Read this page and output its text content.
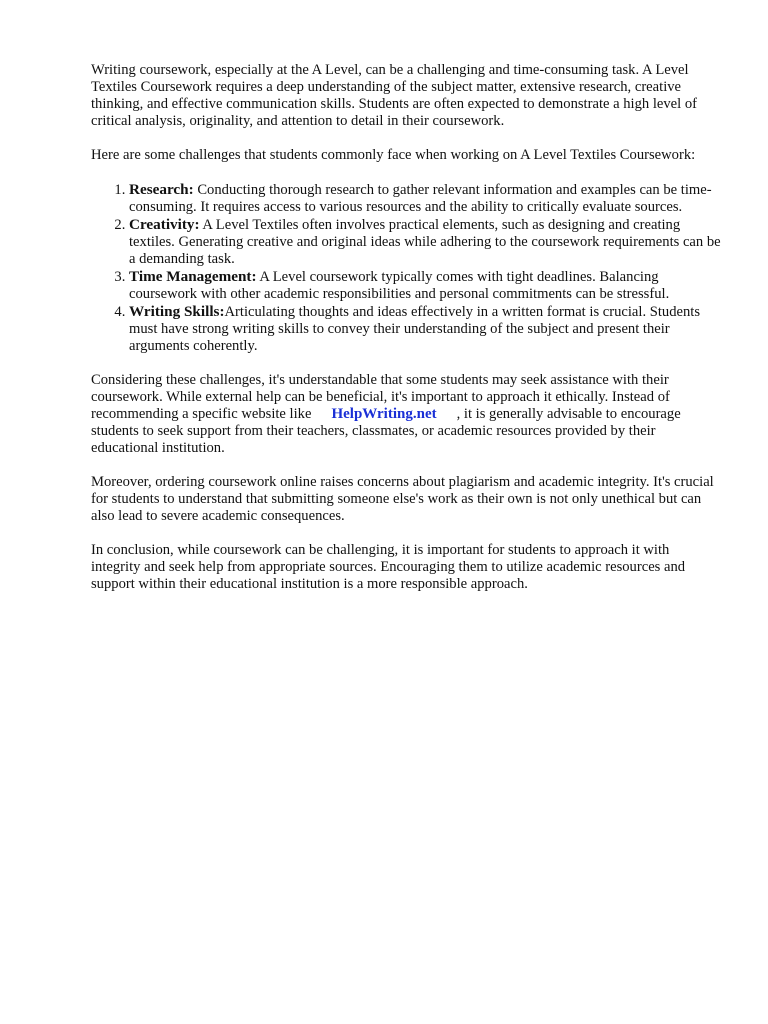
Writing coursework, especially at the A Level, can be a challenging and time-consuming task. A Level Textiles Coursework requires a deep understanding of the subject matter, extensive research, creative thinking, and effective communication skills. Students are often expected to demonstrate a high level of critical analysis, originality, and attention to detail in their coursework.

Here are some challenges that students commonly face when working on A Level Textiles Coursework:

1. Research: Conducting thorough research to gather relevant information and examples can be time-consuming. It requires access to various resources and the ability to critically evaluate sources.
2. Creativity: A Level Textiles often involves practical elements, such as designing and creating textiles. Generating creative and original ideas while adhering to the coursework requirements can be a demanding task.
3. Time Management: A Level coursework typically comes with tight deadlines. Balancing coursework with other academic responsibilities and personal commitments can be stressful.
4. Writing Skills:Articulating thoughts and ideas effectively in a written format is crucial. Students must have strong writing skills to convey their understanding of the subject and present their arguments coherently.

Considering these challenges, it's understandable that some students may seek assistance with their coursework. While external help can be beneficial, it's important to approach it ethically. Instead of recommending a specific website like HelpWriting.net , it is generally advisable to encourage students to seek support from their teachers, classmates, or academic resources provided by their educational institution.

Moreover, ordering coursework online raises concerns about plagiarism and academic integrity. It's crucial for students to understand that submitting someone else's work as their own is not only unethical but can also lead to severe academic consequences.

In conclusion, while coursework can be challenging, it is important for students to approach it with integrity and seek help from appropriate sources. Encouraging them to utilize academic resources and support within their educational institution is a more responsible approach.
